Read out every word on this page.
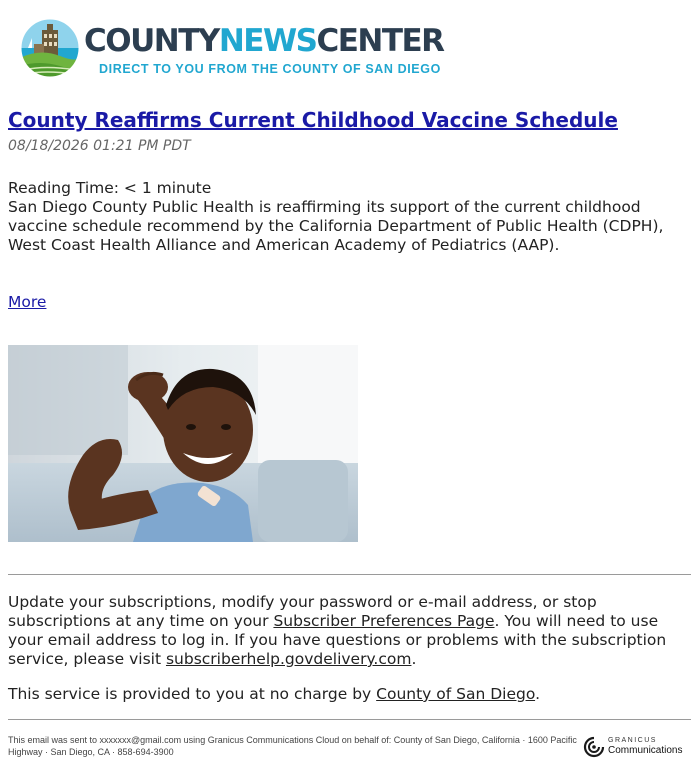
COUNTYNEWSCENTER
DIRECT TO YOU FROM THE COUNTY OF SAN DIEGO
County Reaffirms Current Childhood Vaccine Schedule
08/18/2026 01:21 PM PDT

Reading Time: < 1 minute

San Diego County Public Health is reaffirming its support of the current childhood vaccine schedule recommend by the California Department of Public Health (CDPH), West Coast Health Alliance and American Academy of Pediatrics (AAP).

More
Update your subscriptions, modify your password or e-mail address, or stop subscriptions at any time on your Subscriber Preferences Page. You will need to use your email address to log in. If you have questions or problems with the subscription service, please visit subscriberhelp.govdelivery.com.
This service is provided to you at no charge by County of San Diego.
This email was sent to xxxxxxx@gmail.com using Granicus Communications Cloud on behalf of: County of San Diego, California · 1600 Pacific Highway · San Diego, CA · 858-694-3900
GRANICUS
Communications
